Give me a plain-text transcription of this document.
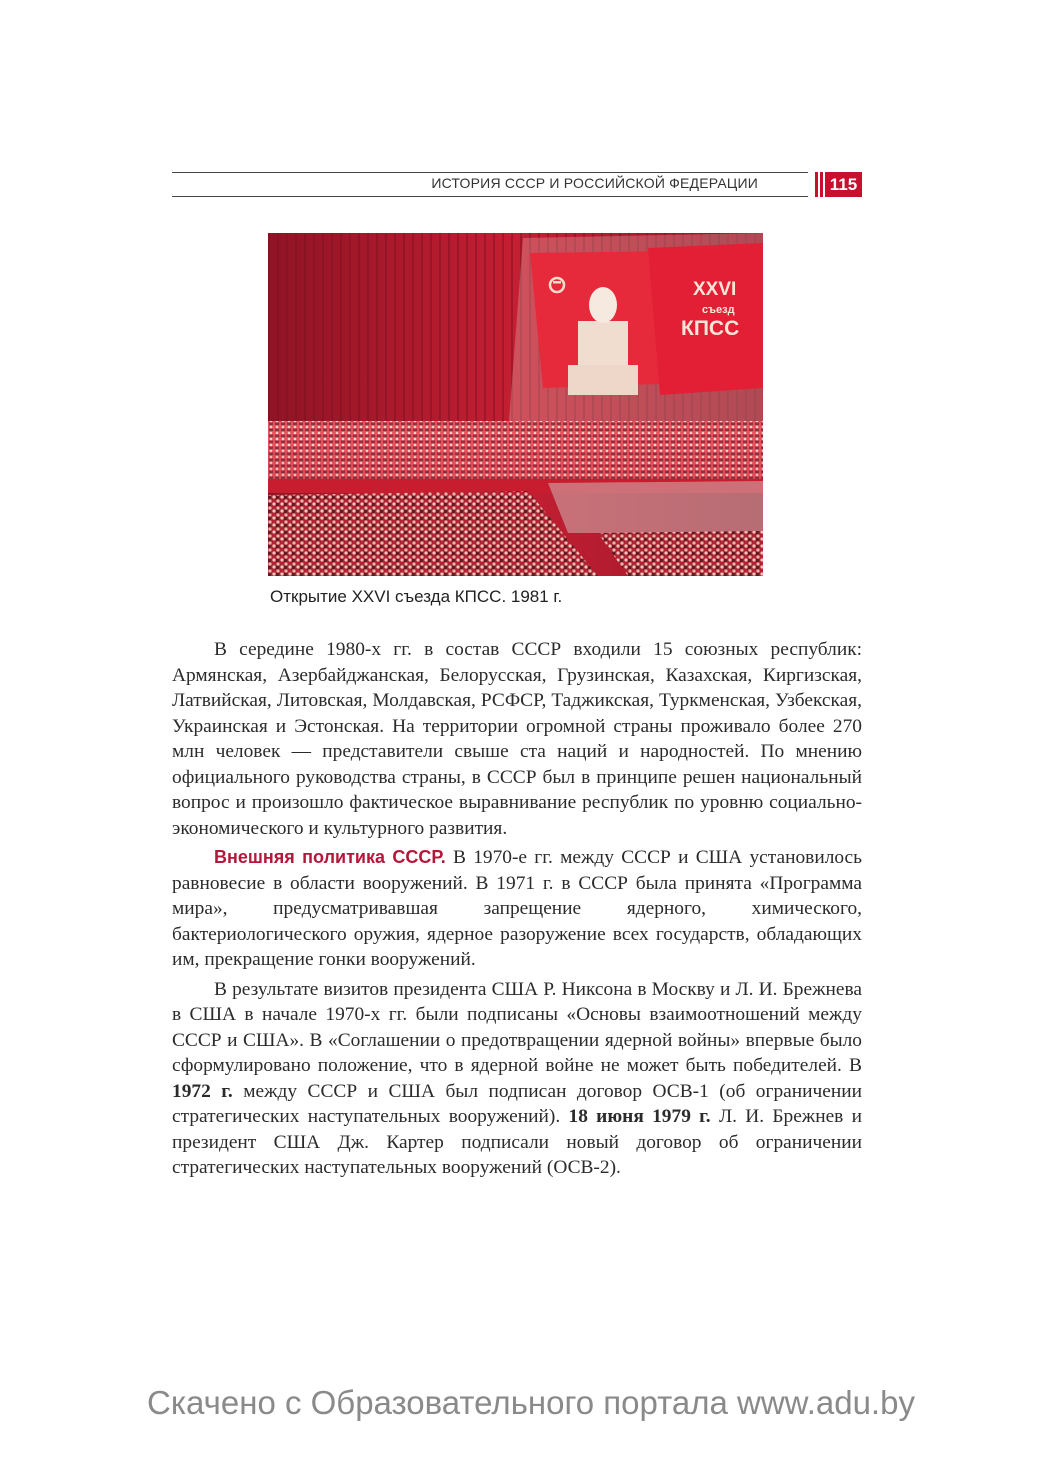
ИСТОРИЯ СССР И РОССИЙСКОЙ ФЕДЕРАЦИИ	115
XXVI
съезд
КПСС
Открытие XXVI съезда КПСС. 1981 г.

В середине 1980-х гг. в состав СССР входили 15 союзных республик: Армянская, Азербайджанская, Белорусская, Грузинская, Казахская, Киргизская, Латвийская, Литовская, Молдавская, РСФСР, Таджикская, Туркменская, Узбекская, Украинская и Эстонская. На территории огромной страны проживало более 270 млн человек — представители свыше ста наций и народностей. По мнению официального руководства страны, в СССР был в принципе решен национальный вопрос и произошло фактическое выравнивание республик по уровню социально-экономического и культурного развития.

Внешняя политика СССР. В 1970-е гг. между СССР и США установилось равновесие в области вооружений. В 1971 г. в СССР была принята «Программа мира», предусматривавшая запрещение ядерного, химического, бактериологического оружия, ядерное разоружение всех государств, обладающих им, прекращение гонки вооружений.

В результате визитов президента США Р. Никсона в Москву и Л. И. Брежнева в США в начале 1970-х гг. были подписаны «Основы взаимоотношений между СССР и США». В «Соглашении о предотвращении ядерной войны» впервые было сформулировано положение, что в ядерной войне не может быть победителей. В 1972 г. между СССР и США был подписан договор ОСВ-1 (об ограничении стратегических наступательных вооружений). 18 июня 1979 г. Л. И. Брежнев и президент США Дж. Картер подписали новый договор об ограничении стратегических наступательных вооружений (ОСВ-2).

Скачено с Образовательного портала www.adu.by
